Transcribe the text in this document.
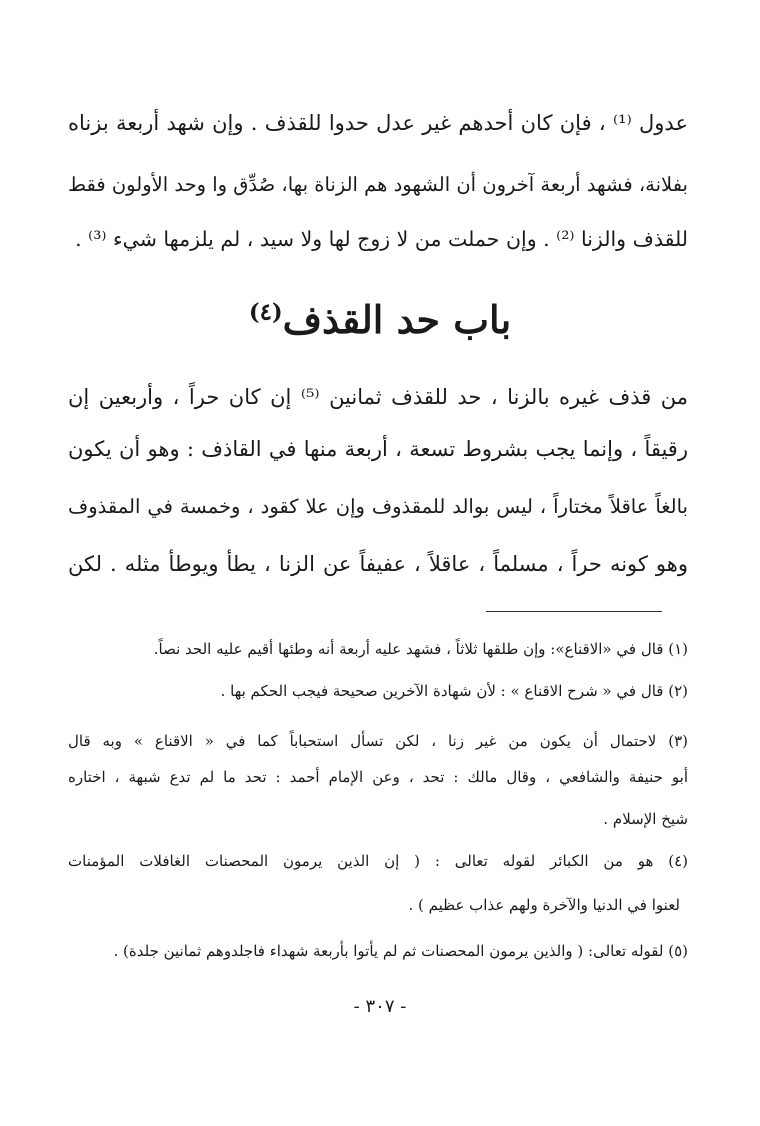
عدول ⁽¹⁾ ، فإن كان أحدهم غير عدل حدوا للقذف . وإن شهد أربعة بزناه
بفلانة، فشهد أربعة آخرون أن الشهود هم الزناة بها، صُدِّق وا وحد الأولون فقط
للقذف والزنا ⁽²⁾ . وإن حملت من لا زوج لها ولا سيد ، لم يلزمها شيء ⁽³⁾ .
باب حد القذف$^{(٤)}$
من قذف غيره بالزنا ، حد للقذف ثمانين ⁽⁵⁾ إن كان حراً ، وأربعين إن
رقيقاً ، وإنما يجب بشروط تسعة ، أربعة منها في القاذف : وهو أن يكون
بالغاً عاقلاً مختاراً ، ليس بوالد للمقذوف وإن علا كقود ، وخمسة في المقذوف
وهو كونه حراً ، مسلماً ، عاقلاً ، عفيفاً عن الزنا ، يطأ ويوطأ مثله . لكن
(١) قال في «الاقناع»: وإن طلقها ثلاثاً ، فشهد عليه أربعة أنه وطئها أقيم عليه الحد نصاً.
(٢) قال في « شرح الاقناع » : لأن شهادة الآخرين صحيحة فيجب الحكم بها .
(٣) لاحتمال أن يكون من غير زنا ، لكن تسأل استحباباً كما في « الاقناع » وبه قال
أبو حنيفة والشافعي ، وقال مالك : تحد ، وعن الإمام أحمد : تحد ما لم تدع شبهة ، اختاره
شيخ الإسلام .
(٤) هو من الكبائر لقوله تعالى : ( إن الذين يرمون المحصنات الغافلات المؤمنات
لعنوا في الدنيا والآخرة ولهم عذاب عظيم ) .
(٥) لقوله تعالى: ( والذين يرمون المحصنات ثم لم يأتوا بأربعة شهداء فاجلدوهم ثمانين جلدة) .
- ٣٠٧ -
